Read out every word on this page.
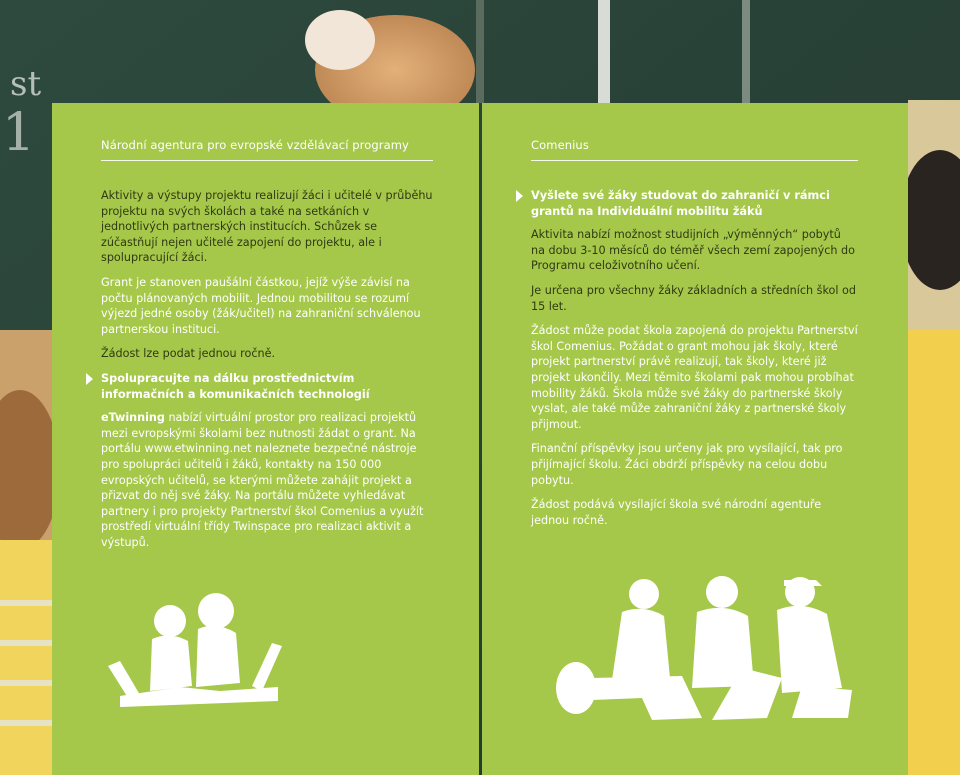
st
1	Národní agentura pro evropské vzdělávací programy

Aktivity a výstupy projektu realizují žáci i učitelé v průběhu projektu na svých školách a také na setkáních v jednotlivých partnerských institucích. Schůzek se zúčastňují nejen učitelé zapojení do projektu, ale i spolupracující žáci.

Grant je stanoven paušální částkou, jejíž výše závisí na počtu plánovaných mobilit. Jednou mobilitou se rozumí výjezd jedné osoby (žák/učitel) na zahraniční schválenou partnerskou instituci.

Žádost lze podat jednou ročně.

Spolupracujte na dálku prostřednictvím informačních a komunikačních technologií

eTwinning nabízí virtuální prostor pro realizaci projektů mezi evropskými školami bez nutnosti žádat o grant. Na portálu www.etwinning.net naleznete bezpečné nástroje pro spolupráci učitelů i žáků, kontakty na 150 000 evropských učitelů, se kterými můžete zahájit projekt a přizvat do něj své žáky. Na portálu můžete vyhledávat partnery i pro projekty Partnerství škol Comenius a využít prostředí virtuální třídy Twinspace pro realizaci aktivit a výstupů.

Comenius
Vyšlete své žáky studovat do zahraničí v rámci grantů na Individuální mobilitu žáků

Aktivita nabízí možnost studijních „výměnných“ pobytů na dobu 3-10 měsíců do téměř všech zemí zapojených do Programu celoživotního učení.

Je určena pro všechny žáky základních a středních škol od 15 let.

Žádost může podat škola zapojená do projektu Partnerství škol Comenius. Požádat o grant mohou jak školy, které projekt partnerství právě realizují, tak školy, které již projekt ukončily. Mezi těmito školami pak mohou probíhat mobility žáků. Škola může své žáky do partnerské školy vyslat, ale také může zahraniční žáky z partnerské školy přijmout.

Finanční příspěvky jsou určeny jak pro vysílající, tak pro přijímající školu. Žáci obdrží příspěvky na celou dobu pobytu.

Žádost podává vysílající škola své národní agentuře jednou ročně.
